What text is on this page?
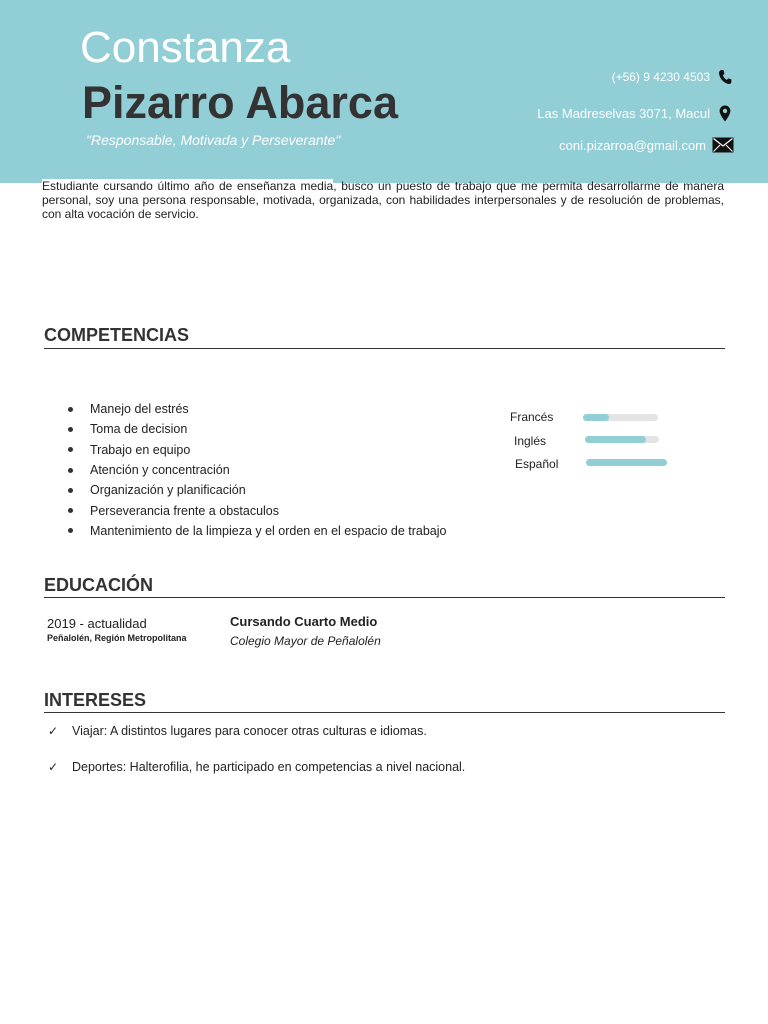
Constanza
Pizarro Abarca
"Responsable, Motivada y Perseverante"
(+56) 9 4230 4503
Las Madreselvas 3071, Macul
coni.pizarroa@gmail.com
Estudiante cursando último año de enseñanza media, busco un puesto de trabajo que me permita desarrollarme de manera personal, soy una persona responsable, motivada, organizada, con habilidades interpersonales y de resolución de problemas, con alta vocación de servicio.
COMPETENCIAS
Manejo del estrés
Toma de decision
Trabajo en equipo
Atención y concentración
Organización y planificación
Perseverancia frente a obstaculos
Mantenimiento de la limpieza y el orden en el espacio de trabajo
Francés
Inglés
Español
EDUCACIÓN
2019 - actualidad
Peñalolén, Región Metropolitana
Cursando Cuarto Medio
Colegio Mayor de Peñalolén
INTERESES
✓	Viajar: A distintos lugares para conocer otras culturas e idiomas.
✓	Deportes: Halterofilia, he participado en competencias a nivel nacional.
